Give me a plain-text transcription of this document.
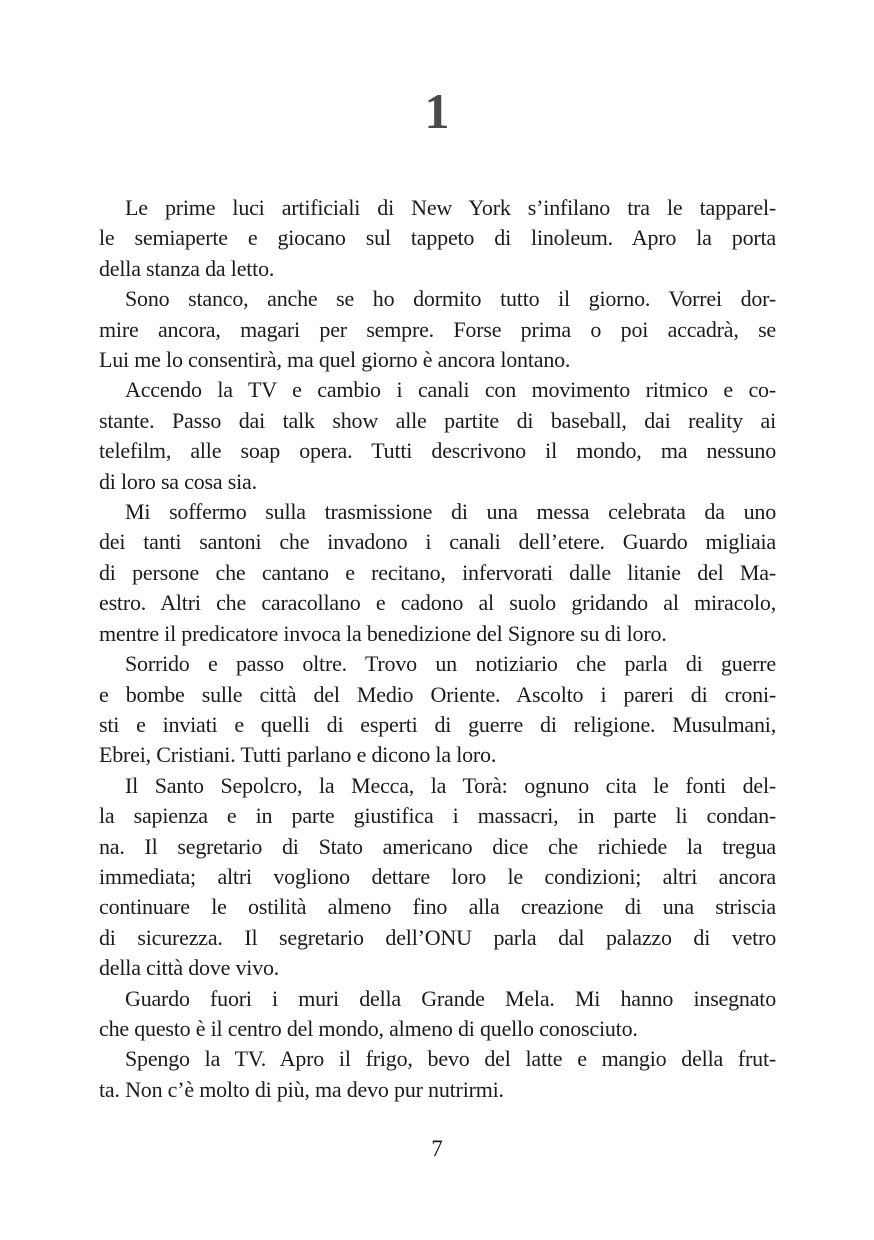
1
Le prime luci artificiali di New York s’infilano tra le tapparel-
le semiaperte e giocano sul tappeto di linoleum. Apro la porta
della stanza da letto.
Sono stanco, anche se ho dormito tutto il giorno. Vorrei dor-
mire ancora, magari per sempre. Forse prima o poi accadrà, se
Lui me lo consentirà, ma quel giorno è ancora lontano.
Accendo la TV e cambio i canali con movimento ritmico e co-
stante. Passo dai talk show alle partite di baseball, dai reality ai
telefilm, alle soap opera. Tutti descrivono il mondo, ma nessuno
di loro sa cosa sia.
Mi soffermo sulla trasmissione di una messa celebrata da uno
dei tanti santoni che invadono i canali dell’etere. Guardo migliaia
di persone che cantano e recitano, infervorati dalle litanie del Ma-
estro. Altri che caracollano e cadono al suolo gridando al miracolo,
mentre il predicatore invoca la benedizione del Signore su di loro.
Sorrido e passo oltre. Trovo un notiziario che parla di guerre
e bombe sulle città del Medio Oriente. Ascolto i pareri di croni-
sti e inviati e quelli di esperti di guerre di religione. Musulmani,
Ebrei, Cristiani. Tutti parlano e dicono la loro.
Il Santo Sepolcro, la Mecca, la Torà: ognuno cita le fonti del-
la sapienza e in parte giustifica i massacri, in parte li condan-
na. Il segretario di Stato americano dice che richiede la tregua
immediata; altri vogliono dettare loro le condizioni; altri ancora
continuare le ostilità almeno fino alla creazione di una striscia
di sicurezza. Il segretario dell’ONU parla dal palazzo di vetro
della città dove vivo.
Guardo fuori i muri della Grande Mela. Mi hanno insegnato
che questo è il centro del mondo, almeno di quello conosciuto.
Spengo la TV. Apro il frigo, bevo del latte e mangio della frut-
ta. Non c’è molto di più, ma devo pur nutrirmi.
7
